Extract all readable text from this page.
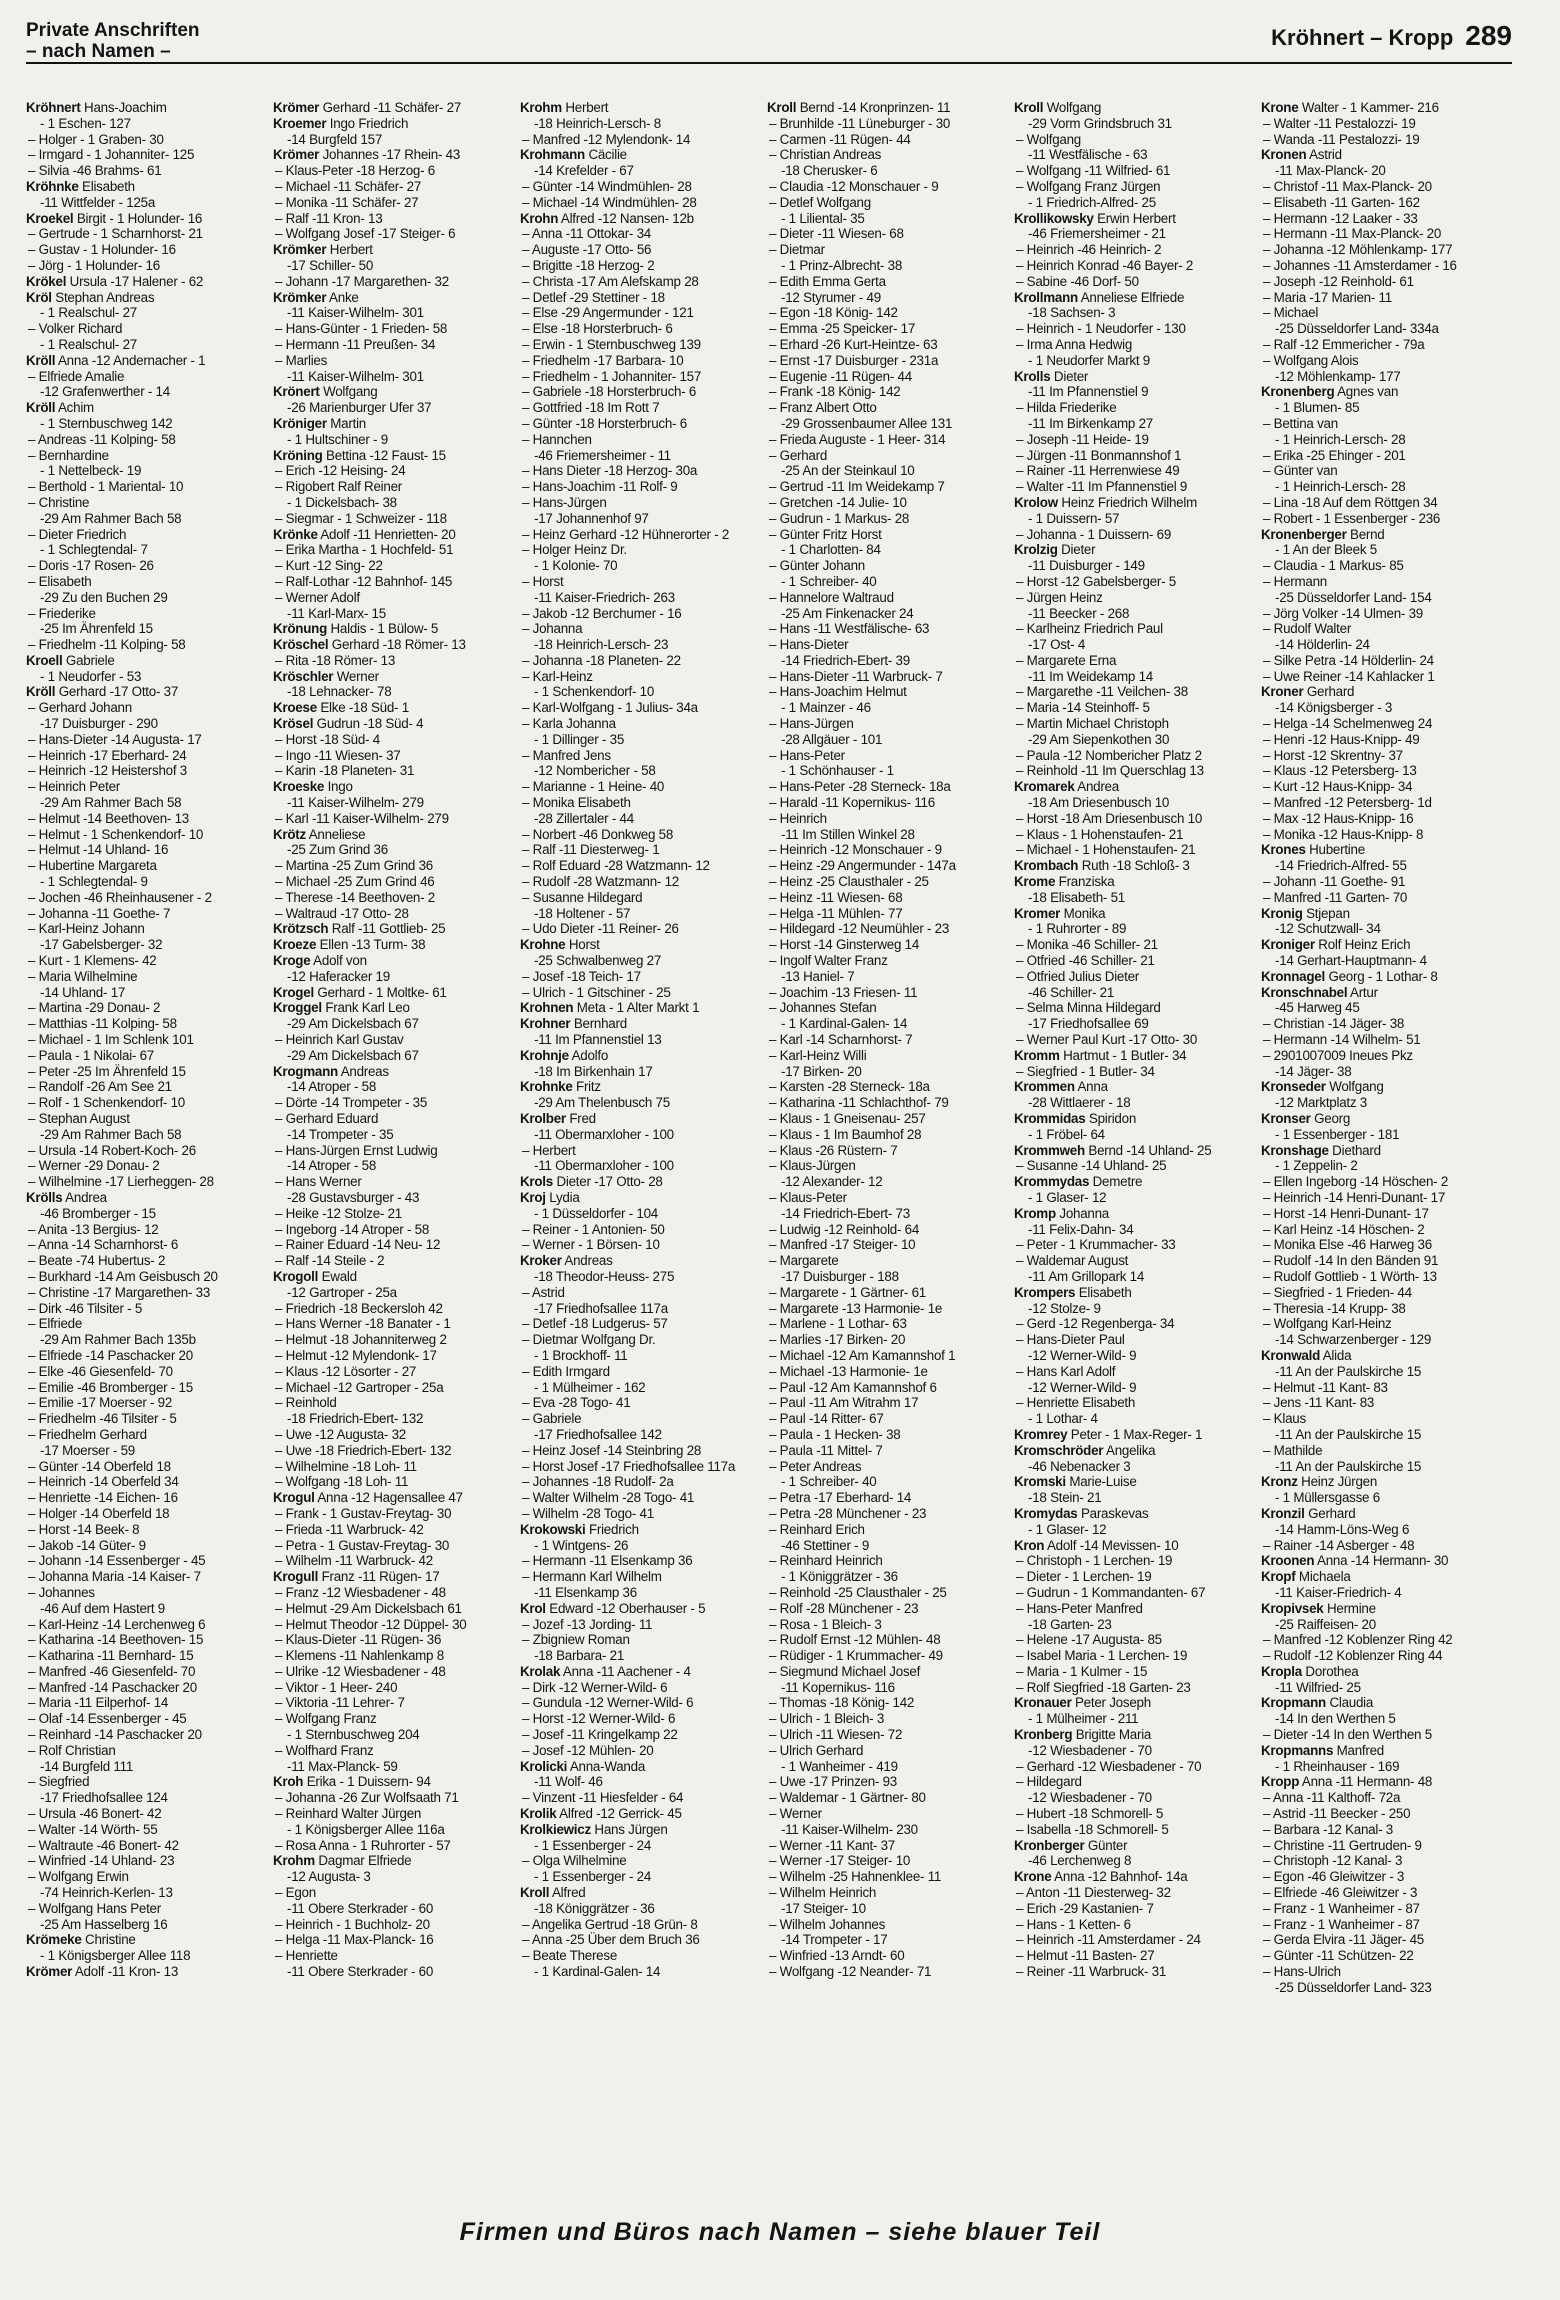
Private Anschriften
– nach Namen –
Kröhnert – Kropp 289
Kröhnert Hans-Joachim
- 1 Eschen- 127
– Holger - 1 Graben- 30
– Irmgard - 1 Johanniter- 125
– Silvia -46 Brahms- 61
Kröhnke Elisabeth
-11 Wittfelder - 125a
Kroekel Birgit - 1 Holunder- 16
– Gertrude - 1 Scharnhorst- 21
– Gustav - 1 Holunder- 16
– Jörg - 1 Holunder- 16
Krökel Ursula -17 Halener - 62
Kröl Stephan Andreas
- 1 Realschul- 27
– Volker Richard
- 1 Realschul- 27
Kröll Anna -12 Andernacher - 1
– Elfriede Amalie
-12 Grafenwerther - 14
Kröll Achim
- 1 Sternbuschweg 142
– Andreas -11 Kolping- 58
– Bernhardine
- 1 Nettelbeck- 19
– Berthold - 1 Mariental- 10
– Christine
-29 Am Rahmer Bach 58
– Dieter Friedrich
- 1 Schlegtendal- 7
– Doris -17 Rosen- 26
– Elisabeth
-29 Zu den Buchen 29
– Friederike
-25 Im Ährenfeld 15
– Friedhelm -11 Kolping- 58
Kroell Gabriele
- 1 Neudorfer - 53
Kröll Gerhard -17 Otto- 37
– Gerhard Johann
-17 Duisburger - 290
– Hans-Dieter -14 Augusta- 17
– Heinrich -17 Eberhard- 24
– Heinrich -12 Heistershof 3
– Heinrich Peter
-29 Am Rahmer Bach 58
– Helmut -14 Beethoven- 13
– Helmut - 1 Schenkendorf- 10
– Helmut -14 Uhland- 16
– Hubertine Margareta
- 1 Schlegtendal- 9
– Jochen -46 Rheinhausener - 2
– Johanna -11 Goethe- 7
– Karl-Heinz Johann
-17 Gabelsberger- 32
– Kurt - 1 Klemens- 42
– Maria Wilhelmine
-14 Uhland- 17
– Martina -29 Donau- 2
– Matthias -11 Kolping- 58
– Michael - 1 Im Schlenk 101
– Paula - 1 Nikolai- 67
– Peter -25 Im Ährenfeld 15
– Randolf -26 Am See 21
– Rolf - 1 Schenkendorf- 10
– Stephan August
-29 Am Rahmer Bach 58
– Ursula -14 Robert-Koch- 26
– Werner -29 Donau- 2
– Wilhelmine -17 Lierheggen- 28
Krölls Andrea
-46 Bromberger - 15
– Anita -13 Bergius- 12
– Anna -14 Scharnhorst- 6
– Beate -74 Hubertus- 2
– Burkhard -14 Am Geisbusch 20
– Christine -17 Margarethen- 33
– Dirk -46 Tilsiter - 5
– Elfriede
-29 Am Rahmer Bach 135b
– Elfriede -14 Paschacker 20
– Elke -46 Giesenfeld- 70
– Emilie -46 Bromberger - 15
– Emilie -17 Moerser - 92
– Friedhelm -46 Tilsiter - 5
– Friedhelm Gerhard
-17 Moerser - 59
– Günter -14 Oberfeld 18
– Heinrich -14 Oberfeld 34
– Henriette -14 Eichen- 16
– Holger -14 Oberfeld 18
– Horst -14 Beek- 8
– Jakob -14 Güter- 9
– Johann -14 Essenberger - 45
– Johanna Maria -14 Kaiser- 7
– Johannes
-46 Auf dem Hastert 9
– Karl-Heinz -14 Lerchenweg 6
– Katharina -14 Beethoven- 15
– Katharina -11 Bernhard- 15
– Manfred -46 Giesenfeld- 70
– Manfred -14 Paschacker 20
– Maria -11 Eilperhof- 14
– Olaf -14 Essenberger - 45
– Reinhard -14 Paschacker 20
– Rolf Christian
-14 Burgfeld 111
– Siegfried
-17 Friedhofsallee 124
– Ursula -46 Bonert- 42
– Walter -14 Wörth- 55
– Waltraute -46 Bonert- 42
– Winfried -14 Uhland- 23
– Wolfgang Erwin
-74 Heinrich-Kerlen- 13
– Wolfgang Hans Peter
-25 Am Hasselberg 16
Krömeke Christine
- 1 Königsberger Allee 118
Krömer Adolf -11 Kron- 13
Krömer Gerhard -11 Schäfer- 27
Kroemer Ingo Friedrich
-14 Burgfeld 157
Krömer Johannes -17 Rhein- 43
– Klaus-Peter -18 Herzog- 6
– Michael -11 Schäfer- 27
– Monika -11 Schäfer- 27
– Ralf -11 Kron- 13
– Wolfgang Josef -17 Steiger- 6
Krömker Herbert
-17 Schiller- 50
– Johann -17 Margarethen- 32
Krömker Anke
-11 Kaiser-Wilhelm- 301
– Hans-Günter - 1 Frieden- 58
– Hermann -11 Preußen- 34
– Marlies
-11 Kaiser-Wilhelm- 301
Krönert Wolfgang
-26 Marienburger Ufer 37
Kröniger Martin
- 1 Hultschiner - 9
Kröning Bettina -12 Faust- 15
– Erich -12 Heising- 24
– Rigobert Ralf Reiner
- 1 Dickelsbach- 38
– Siegmar - 1 Schweizer - 118
Krönke Adolf -11 Henrietten- 20
– Erika Martha - 1 Hochfeld- 51
– Kurt -12 Sing- 22
– Ralf-Lothar -12 Bahnhof- 145
– Werner Adolf
-11 Karl-Marx- 15
Krönung Haldis - 1 Bülow- 5
Kröschel Gerhard -18 Römer- 13
– Rita -18 Römer- 13
Kröschler Werner
-18 Lehnacker- 78
Kroese Elke -18 Süd- 1
Krösel Gudrun -18 Süd- 4
– Horst -18 Süd- 4
– Ingo -11 Wiesen- 37
– Karin -18 Planeten- 31
Kroeske Ingo
-11 Kaiser-Wilhelm- 279
– Karl -11 Kaiser-Wilhelm- 279
Krötz Anneliese
-25 Zum Grind 36
– Martina -25 Zum Grind 36
– Michael -25 Zum Grind 46
– Therese -14 Beethoven- 2
– Waltraud -17 Otto- 28
Krötzsch Ralf -11 Gottlieb- 25
Kroeze Ellen -13 Turm- 38
Kroge Adolf von
-12 Haferacker 19
Krogel Gerhard - 1 Moltke- 61
Kroggel Frank Karl Leo
-29 Am Dickelsbach 67
– Heinrich Karl Gustav
-29 Am Dickelsbach 67
Krogmann Andreas
-14 Atroper - 58
– Dörte -14 Trompeter - 35
– Gerhard Eduard
-14 Trompeter - 35
– Hans-Jürgen Ernst Ludwig
-14 Atroper - 58
– Hans Werner
-28 Gustavsburger - 43
– Heike -12 Stolze- 21
– Ingeborg -14 Atroper - 58
– Rainer Eduard -14 Neu- 12
– Ralf -14 Steile - 2
Krogoll Ewald
-12 Gartroper - 25a
– Friedrich -18 Beckersloh 42
– Hans Werner -18 Banater - 1
– Helmut -18 Johanniterweg 2
– Helmut -12 Mylendonk- 17
– Klaus -12 Lösorter - 27
– Michael -12 Gartroper - 25a
– Reinhold
-18 Friedrich-Ebert- 132
– Uwe -12 Augusta- 32
– Uwe -18 Friedrich-Ebert- 132
– Wilhelmine -18 Loh- 11
– Wolfgang -18 Loh- 11
Krogul Anna -12 Hagensallee 47
– Frank - 1 Gustav-Freytag- 30
– Frieda -11 Warbruck- 42
– Petra - 1 Gustav-Freytag- 30
– Wilhelm -11 Warbruck- 42
Krogull Franz -11 Rügen- 17
– Franz -12 Wiesbadener - 48
– Helmut -29 Am Dickelsbach 61
– Helmut Theodor -12 Düppel- 30
– Klaus-Dieter -11 Rügen- 36
– Klemens -11 Nahlenkamp 8
– Ulrike -12 Wiesbadener - 48
– Viktor - 1 Heer- 240
– Viktoria -11 Lehrer- 7
– Wolfgang Franz
- 1 Sternbuschweg 204
– Wolfhard Franz
-11 Max-Planck- 59
Kroh Erika - 1 Duissern- 94
– Johanna -26 Zur Wolfsaath 71
– Reinhard Walter Jürgen
- 1 Königsberger Allee 116a
– Rosa Anna - 1 Ruhrorter - 57
Krohm Dagmar Elfriede
-12 Augusta- 3
– Egon
-11 Obere Sterkrader - 60
– Heinrich - 1 Buchholz- 20
– Helga -11 Max-Planck- 16
– Henriette
-11 Obere Sterkrader - 60
Krohm Herbert
-18 Heinrich-Lersch- 8
– Manfred -12 Mylendonk- 14
Krohmann Cäcilie
-14 Krefelder - 67
– Günter -14 Windmühlen- 28
– Michael -14 Windmühlen- 28
Krohn Alfred -12 Nansen- 12b
– Anna -11 Ottokar- 34
– Auguste -17 Otto- 56
– Brigitte -18 Herzog- 2
– Christa -17 Am Alefskamp 28
– Detlef -29 Stettiner - 18
– Else -29 Angermunder - 121
– Else -18 Horsterbruch- 6
– Erwin - 1 Sternbuschweg 139
– Friedhelm -17 Barbara- 10
– Friedhelm - 1 Johanniter- 157
– Gabriele -18 Horsterbruch- 6
– Gottfried -18 Im Rott 7
– Günter -18 Horsterbruch- 6
– Hannchen
-46 Friemersheimer - 11
– Hans Dieter -18 Herzog- 30a
– Hans-Joachim -11 Rolf- 9
– Hans-Jürgen
-17 Johannenhof 97
– Heinz Gerhard -12 Hühnerorter - 2
– Holger Heinz Dr.
- 1 Kolonie- 70
– Horst
-11 Kaiser-Friedrich- 263
– Jakob -12 Berchumer - 16
– Johanna
-18 Heinrich-Lersch- 23
– Johanna -18 Planeten- 22
– Karl-Heinz
- 1 Schenkendorf- 10
– Karl-Wolfgang - 1 Julius- 34a
– Karla Johanna
- 1 Dillinger - 35
– Manfred Jens
-12 Nombericher - 58
– Marianne - 1 Heine- 40
– Monika Elisabeth
-28 Zillertaler - 44
– Norbert -46 Donkweg 58
– Ralf -11 Diesterweg- 1
– Rolf Eduard -28 Watzmann- 12
– Rudolf -28 Watzmann- 12
– Susanne Hildegard
-18 Holtener - 57
– Udo Dieter -11 Reiner- 26
Krohne Horst
-25 Schwalbenweg 27
– Josef -18 Teich- 17
– Ulrich - 1 Gitschiner - 25
Krohnen Meta - 1 Alter Markt 1
Krohner Bernhard
-11 Im Pfannenstiel 13
Krohnje Adolfo
-18 Im Birkenhain 17
Krohnke Fritz
-29 Am Thelenbusch 75
Krolber Fred
-11 Obermarxloher - 100
– Herbert
-11 Obermarxloher - 100
Krols Dieter -17 Otto- 28
Kroj Lydia
- 1 Düsseldorfer - 104
– Reiner - 1 Antonien- 50
– Werner - 1 Börsen- 10
Kroker Andreas
-18 Theodor-Heuss- 275
– Astrid
-17 Friedhofsallee 117a
– Detlef -18 Ludgerus- 57
– Dietmar Wolfgang Dr.
- 1 Brockhoff- 11
– Edith Irmgard
- 1 Mülheimer - 162
– Eva -28 Togo- 41
– Gabriele
-17 Friedhofsallee 142
– Heinz Josef -14 Steinbring 28
– Horst Josef -17 Friedhofsallee 117a
– Johannes -18 Rudolf- 2a
– Walter Wilhelm -28 Togo- 41
– Wilhelm -28 Togo- 41
Krokowski Friedrich
- 1 Wintgens- 26
– Hermann -11 Elsenkamp 36
– Hermann Karl Wilhelm
-11 Elsenkamp 36
Krol Edward -12 Oberhauser - 5
– Jozef -13 Jording- 11
– Zbigniew Roman
-18 Barbara- 21
Krolak Anna -11 Aachener - 4
– Dirk -12 Werner-Wild- 6
– Gundula -12 Werner-Wild- 6
– Horst -12 Werner-Wild- 6
– Josef -11 Kringelkamp 22
– Josef -12 Mühlen- 20
Krolicki Anna-Wanda
-11 Wolf- 46
– Vinzent -11 Hiesfelder - 64
Krolik Alfred -12 Gerrick- 45
Krolkiewicz Hans Jürgen
- 1 Essenberger - 24
– Olga Wilhelmine
- 1 Essenberger - 24
Kroll Alfred
-18 Königgrätzer - 36
– Angelika Gertrud -18 Grün- 8
– Anna -25 Über dem Bruch 36
– Beate Therese
- 1 Kardinal-Galen- 14
Kroll Bernd -14 Kronprinzen- 11
– Brunhilde -11 Lüneburger - 30
– Carmen -11 Rügen- 44
– Christian Andreas
-18 Cherusker- 6
– Claudia -12 Monschauer - 9
– Detlef Wolfgang
- 1 Liliental- 35
– Dieter -11 Wiesen- 68
– Dietmar
- 1 Prinz-Albrecht- 38
– Edith Emma Gerta
-12 Styrumer - 49
– Egon -18 König- 142
– Emma -25 Speicker- 17
– Erhard -26 Kurt-Heintze- 63
– Ernst -17 Duisburger - 231a
– Eugenie -11 Rügen- 44
– Frank -18 König- 142
– Franz Albert Otto
-29 Grossenbaumer Allee 131
– Frieda Auguste - 1 Heer- 314
– Gerhard
-25 An der Steinkaul 10
– Gertrud -11 Im Weidekamp 7
– Gretchen -14 Julie- 10
– Gudrun - 1 Markus- 28
– Günter Fritz Horst
- 1 Charlotten- 84
– Günter Johann
- 1 Schreiber- 40
– Hannelore Waltraud
-25 Am Finkenacker 24
– Hans -11 Westfälische- 63
– Hans-Dieter
-14 Friedrich-Ebert- 39
– Hans-Dieter -11 Warbruck- 7
– Hans-Joachim Helmut
- 1 Mainzer - 46
– Hans-Jürgen
-28 Allgäuer - 101
– Hans-Peter
- 1 Schönhauser - 1
– Hans-Peter -28 Sterneck- 18a
– Harald -11 Kopernikus- 116
– Heinrich
-11 Im Stillen Winkel 28
– Heinrich -12 Monschauer - 9
– Heinz -29 Angermunder - 147a
– Heinz -25 Clausthaler - 25
– Heinz -11 Wiesen- 68
– Helga -11 Mühlen- 77
– Hildegard -12 Neumühler - 23
– Horst -14 Ginsterweg 14
– Ingolf Walter Franz
-13 Haniel- 7
– Joachim -13 Friesen- 11
– Johannes Stefan
- 1 Kardinal-Galen- 14
– Karl -14 Scharnhorst- 7
– Karl-Heinz Willi
-17 Birken- 20
– Karsten -28 Sterneck- 18a
– Katharina -11 Schlachthof- 79
– Klaus - 1 Gneisenau- 257
– Klaus - 1 Im Baumhof 28
– Klaus -26 Rüstern- 7
– Klaus-Jürgen
-12 Alexander- 12
– Klaus-Peter
-14 Friedrich-Ebert- 73
– Ludwig -12 Reinhold- 64
– Manfred -17 Steiger- 10
– Margarete
-17 Duisburger - 188
– Margarete - 1 Gärtner- 61
– Margarete -13 Harmonie- 1e
– Marlene - 1 Lothar- 63
– Marlies -17 Birken- 20
– Michael -12 Am Kamannshof 1
– Michael -13 Harmonie- 1e
– Paul -12 Am Kamannshof 6
– Paul -11 Am Witrahm 17
– Paul -14 Ritter- 67
– Paula - 1 Hecken- 38
– Paula -11 Mittel- 7
– Peter Andreas
- 1 Schreiber- 40
– Petra -17 Eberhard- 14
– Petra -28 Münchener - 23
– Reinhard Erich
-46 Stettiner - 9
– Reinhard Heinrich
- 1 Königgrätzer - 36
– Reinhold -25 Clausthaler - 25
– Rolf -28 Münchener - 23
– Rosa - 1 Bleich- 3
– Rudolf Ernst -12 Mühlen- 48
– Rüdiger - 1 Krummacher- 49
– Siegmund Michael Josef
-11 Kopernikus- 116
– Thomas -18 König- 142
– Ulrich - 1 Bleich- 3
– Ulrich -11 Wiesen- 72
– Ulrich Gerhard
- 1 Wanheimer - 419
– Uwe -17 Prinzen- 93
– Waldemar - 1 Gärtner- 80
– Werner
-11 Kaiser-Wilhelm- 230
– Werner -11 Kant- 37
– Werner -17 Steiger- 10
– Wilhelm -25 Hahnenklee- 11
– Wilhelm Heinrich
-17 Steiger- 10
– Wilhelm Johannes
-14 Trompeter - 17
– Winfried -13 Arndt- 60
– Wolfgang -12 Neander- 71
Kroll Wolfgang
-29 Vorm Grindsbruch 31
– Wolfgang
-11 Westfälische - 63
– Wolfgang -11 Wilfried- 61
– Wolfgang Franz Jürgen
- 1 Friedrich-Alfred- 25
Krollikowsky Erwin Herbert
-46 Friemersheimer - 21
– Heinrich -46 Heinrich- 2
– Heinrich Konrad -46 Bayer- 2
– Sabine -46 Dorf- 50
Krollmann Anneliese Elfriede
-18 Sachsen- 3
– Heinrich - 1 Neudorfer - 130
– Irma Anna Hedwig
- 1 Neudorfer Markt 9
Krolls Dieter
-11 Im Pfannenstiel 9
– Hilda Friederike
-11 Im Birkenkamp 27
– Joseph -11 Heide- 19
– Jürgen -11 Bonmannshof 1
– Rainer -11 Herrenwiese 49
– Walter -11 Im Pfannenstiel 9
Krolow Heinz Friedrich Wilhelm
- 1 Duissern- 57
– Johanna - 1 Duissern- 69
Krolzig Dieter
-11 Duisburger - 149
– Horst -12 Gabelsberger- 5
– Jürgen Heinz
-11 Beecker - 268
– Karlheinz Friedrich Paul
-17 Ost- 4
– Margarete Erna
-11 Im Weidekamp 14
– Margarethe -11 Veilchen- 38
– Maria -14 Steinhoff- 5
– Martin Michael Christoph
-29 Am Siepenkothen 30
– Paula -12 Nombericher Platz 2
– Reinhold -11 Im Querschlag 13
Kromarek Andrea
-18 Am Driesenbusch 10
– Horst -18 Am Driesenbusch 10
– Klaus - 1 Hohenstaufen- 21
– Michael - 1 Hohenstaufen- 21
Krombach Ruth -18 Schloß- 3
Krome Franziska
-18 Elisabeth- 51
Kromer Monika
- 1 Ruhrorter - 89
– Monika -46 Schiller- 21
– Otfried -46 Schiller- 21
– Otfried Julius Dieter
-46 Schiller- 21
– Selma Minna Hildegard
-17 Friedhofsallee 69
– Werner Paul Kurt -17 Otto- 30
Kromm Hartmut - 1 Butler- 34
– Siegfried - 1 Butler- 34
Krommen Anna
-28 Wittlaerer - 18
Krommidas Spiridon
- 1 Fröbel- 64
Krommweh Bernd -14 Uhland- 25
– Susanne -14 Uhland- 25
Krommydas Demetre
- 1 Glaser- 12
Kromp Johanna
-11 Felix-Dahn- 34
– Peter - 1 Krummacher- 33
– Waldemar August
-11 Am Grillopark 14
Krompers Elisabeth
-12 Stolze- 9
– Gerd -12 Regenberga- 34
– Hans-Dieter Paul
-12 Werner-Wild- 9
– Hans Karl Adolf
-12 Werner-Wild- 9
– Henriette Elisabeth
- 1 Lothar- 4
Kromrey Peter - 1 Max-Reger- 1
Kromschröder Angelika
-46 Nebenacker 3
Kromski Marie-Luise
-18 Stein- 21
Kromydas Paraskevas
- 1 Glaser- 12
Kron Adolf -14 Mevissen- 10
– Christoph - 1 Lerchen- 19
– Dieter - 1 Lerchen- 19
– Gudrun - 1 Kommandanten- 67
– Hans-Peter Manfred
-18 Garten- 23
– Helene -17 Augusta- 85
– Isabel Maria - 1 Lerchen- 19
– Maria - 1 Kulmer - 15
– Rolf Siegfried -18 Garten- 23
Kronauer Peter Joseph
- 1 Mülheimer - 211
Kronberg Brigitte Maria
-12 Wiesbadener - 70
– Gerhard -12 Wiesbadener - 70
– Hildegard
-12 Wiesbadener - 70
– Hubert -18 Schmorell- 5
– Isabella -18 Schmorell- 5
Kronberger Günter
-46 Lerchenweg 8
Krone Anna -12 Bahnhof- 14a
– Anton -11 Diesterweg- 32
– Erich -29 Kastanien- 7
– Hans - 1 Ketten- 6
– Heinrich -11 Amsterdamer - 24
– Helmut -11 Basten- 27
– Reiner -11 Warbruck- 31
Krone Walter - 1 Kammer- 216
– Walter -11 Pestalozzi- 19
– Wanda -11 Pestalozzi- 19
Kronen Astrid
-11 Max-Planck- 20
– Christof -11 Max-Planck- 20
– Elisabeth -11 Garten- 162
– Hermann -12 Laaker - 33
– Hermann -11 Max-Planck- 20
– Johanna -12 Möhlenkamp- 177
– Johannes -11 Amsterdamer - 16
– Joseph -12 Reinhold- 61
– Maria -17 Marien- 11
– Michael
-25 Düsseldorfer Land- 334a
– Ralf -12 Emmericher - 79a
– Wolfgang Alois
-12 Möhlenkamp- 177
Kronenberg Agnes van
- 1 Blumen- 85
– Bettina van
- 1 Heinrich-Lersch- 28
– Erika -25 Ehinger - 201
– Günter van
- 1 Heinrich-Lersch- 28
– Lina -18 Auf dem Röttgen 34
– Robert - 1 Essenberger - 236
Kronenberger Bernd
- 1 An der Bleek 5
– Claudia - 1 Markus- 85
– Hermann
-25 Düsseldorfer Land- 154
– Jörg Volker -14 Ulmen- 39
– Rudolf Walter
-14 Hölderlin- 24
– Silke Petra -14 Hölderlin- 24
– Uwe Reiner -14 Kahlacker 1
Kroner Gerhard
-14 Königsberger - 3
– Helga -14 Schelmenweg 24
– Henri -12 Haus-Knipp- 49
– Horst -12 Skrentny- 37
– Klaus -12 Petersberg- 13
– Kurt -12 Haus-Knipp- 34
– Manfred -12 Petersberg- 1d
– Max -12 Haus-Knipp- 16
– Monika -12 Haus-Knipp- 8
Krones Hubertine
-14 Friedrich-Alfred- 55
– Johann -11 Goethe- 91
– Manfred -11 Garten- 70
Kronig Stjepan
-12 Schutzwall- 34
Kroniger Rolf Heinz Erich
-14 Gerhart-Hauptmann- 4
Kronnagel Georg - 1 Lothar- 8
Kronschnabel Artur
-45 Harweg 45
– Christian -14 Jäger- 38
– Hermann -14 Wilhelm- 51
– 2901007009 Ineues Pkz
-14 Jäger- 38
Kronseder Wolfgang
-12 Marktplatz 3
Kronser Georg
- 1 Essenberger - 181
Kronshage Diethard
- 1 Zeppelin- 2
– Ellen Ingeborg -14 Höschen- 2
– Heinrich -14 Henri-Dunant- 17
– Horst -14 Henri-Dunant- 17
– Karl Heinz -14 Höschen- 2
– Monika Else -46 Harweg 36
– Rudolf -14 In den Bänden 91
– Rudolf Gottlieb - 1 Wörth- 13
– Siegfried - 1 Frieden- 44
– Theresia -14 Krupp- 38
– Wolfgang Karl-Heinz
-14 Schwarzenberger - 129
Kronwald Alida
-11 An der Paulskirche 15
– Helmut -11 Kant- 83
– Jens -11 Kant- 83
– Klaus
-11 An der Paulskirche 15
– Mathilde
-11 An der Paulskirche 15
Kronz Heinz Jürgen
- 1 Müllersgasse 6
Kronzil Gerhard
-14 Hamm-Löns-Weg 6
– Rainer -14 Asberger - 48
Kroonen Anna -14 Hermann- 30
Kropf Michaela
-11 Kaiser-Friedrich- 4
Kropivsek Hermine
-25 Raiffeisen- 20
– Manfred -12 Koblenzer Ring 42
– Rudolf -12 Koblenzer Ring 44
Kropla Dorothea
-11 Wilfried- 25
Kropmann Claudia
-14 In den Werthen 5
– Dieter -14 In den Werthen 5
Kropmanns Manfred
- 1 Rheinhauser - 169
Kropp Anna -11 Hermann- 48
– Anna -11 Kalthoff- 72a
– Astrid -11 Beecker - 250
– Barbara -12 Kanal- 3
– Christine -11 Gertruden- 9
– Christoph -12 Kanal- 3
– Egon -46 Gleiwitzer - 3
– Elfriede -46 Gleiwitzer - 3
– Franz - 1 Wanheimer - 87
– Franz - 1 Wanheimer - 87
– Gerda Elvira -11 Jäger- 45
– Günter -11 Schützen- 22
– Hans-Ulrich
-25 Düsseldorfer Land- 323
Firmen und Büros nach Namen – siehe blauer Teil
